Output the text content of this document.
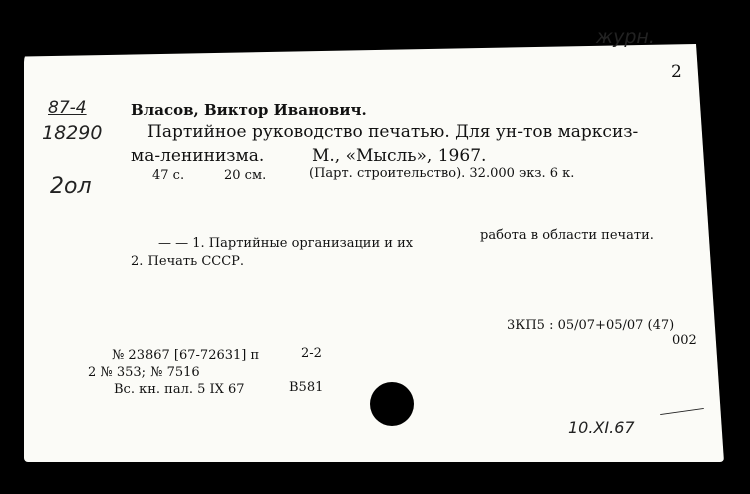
журн.
87-4
18290
2ол
10.XI.67
2
Власов, Виктор Иванович.
Партийное руководство печатью. Для ун-тов марксиз-
ма-ленинизма.	М., «Мысль», 1967.
47 с.	20 см.	(Парт. строительство). 32.000 экз. 6 к.
— — 1. Партийные организации и их
работа в области печати.
2. Печать СССР.
3КП5 : 05/07+05/07 (47)
002
№ 23867 [67-72631] п	2-2
2 № 353; № 7516
Вс. кн. пал. 5 IX 67	В581
